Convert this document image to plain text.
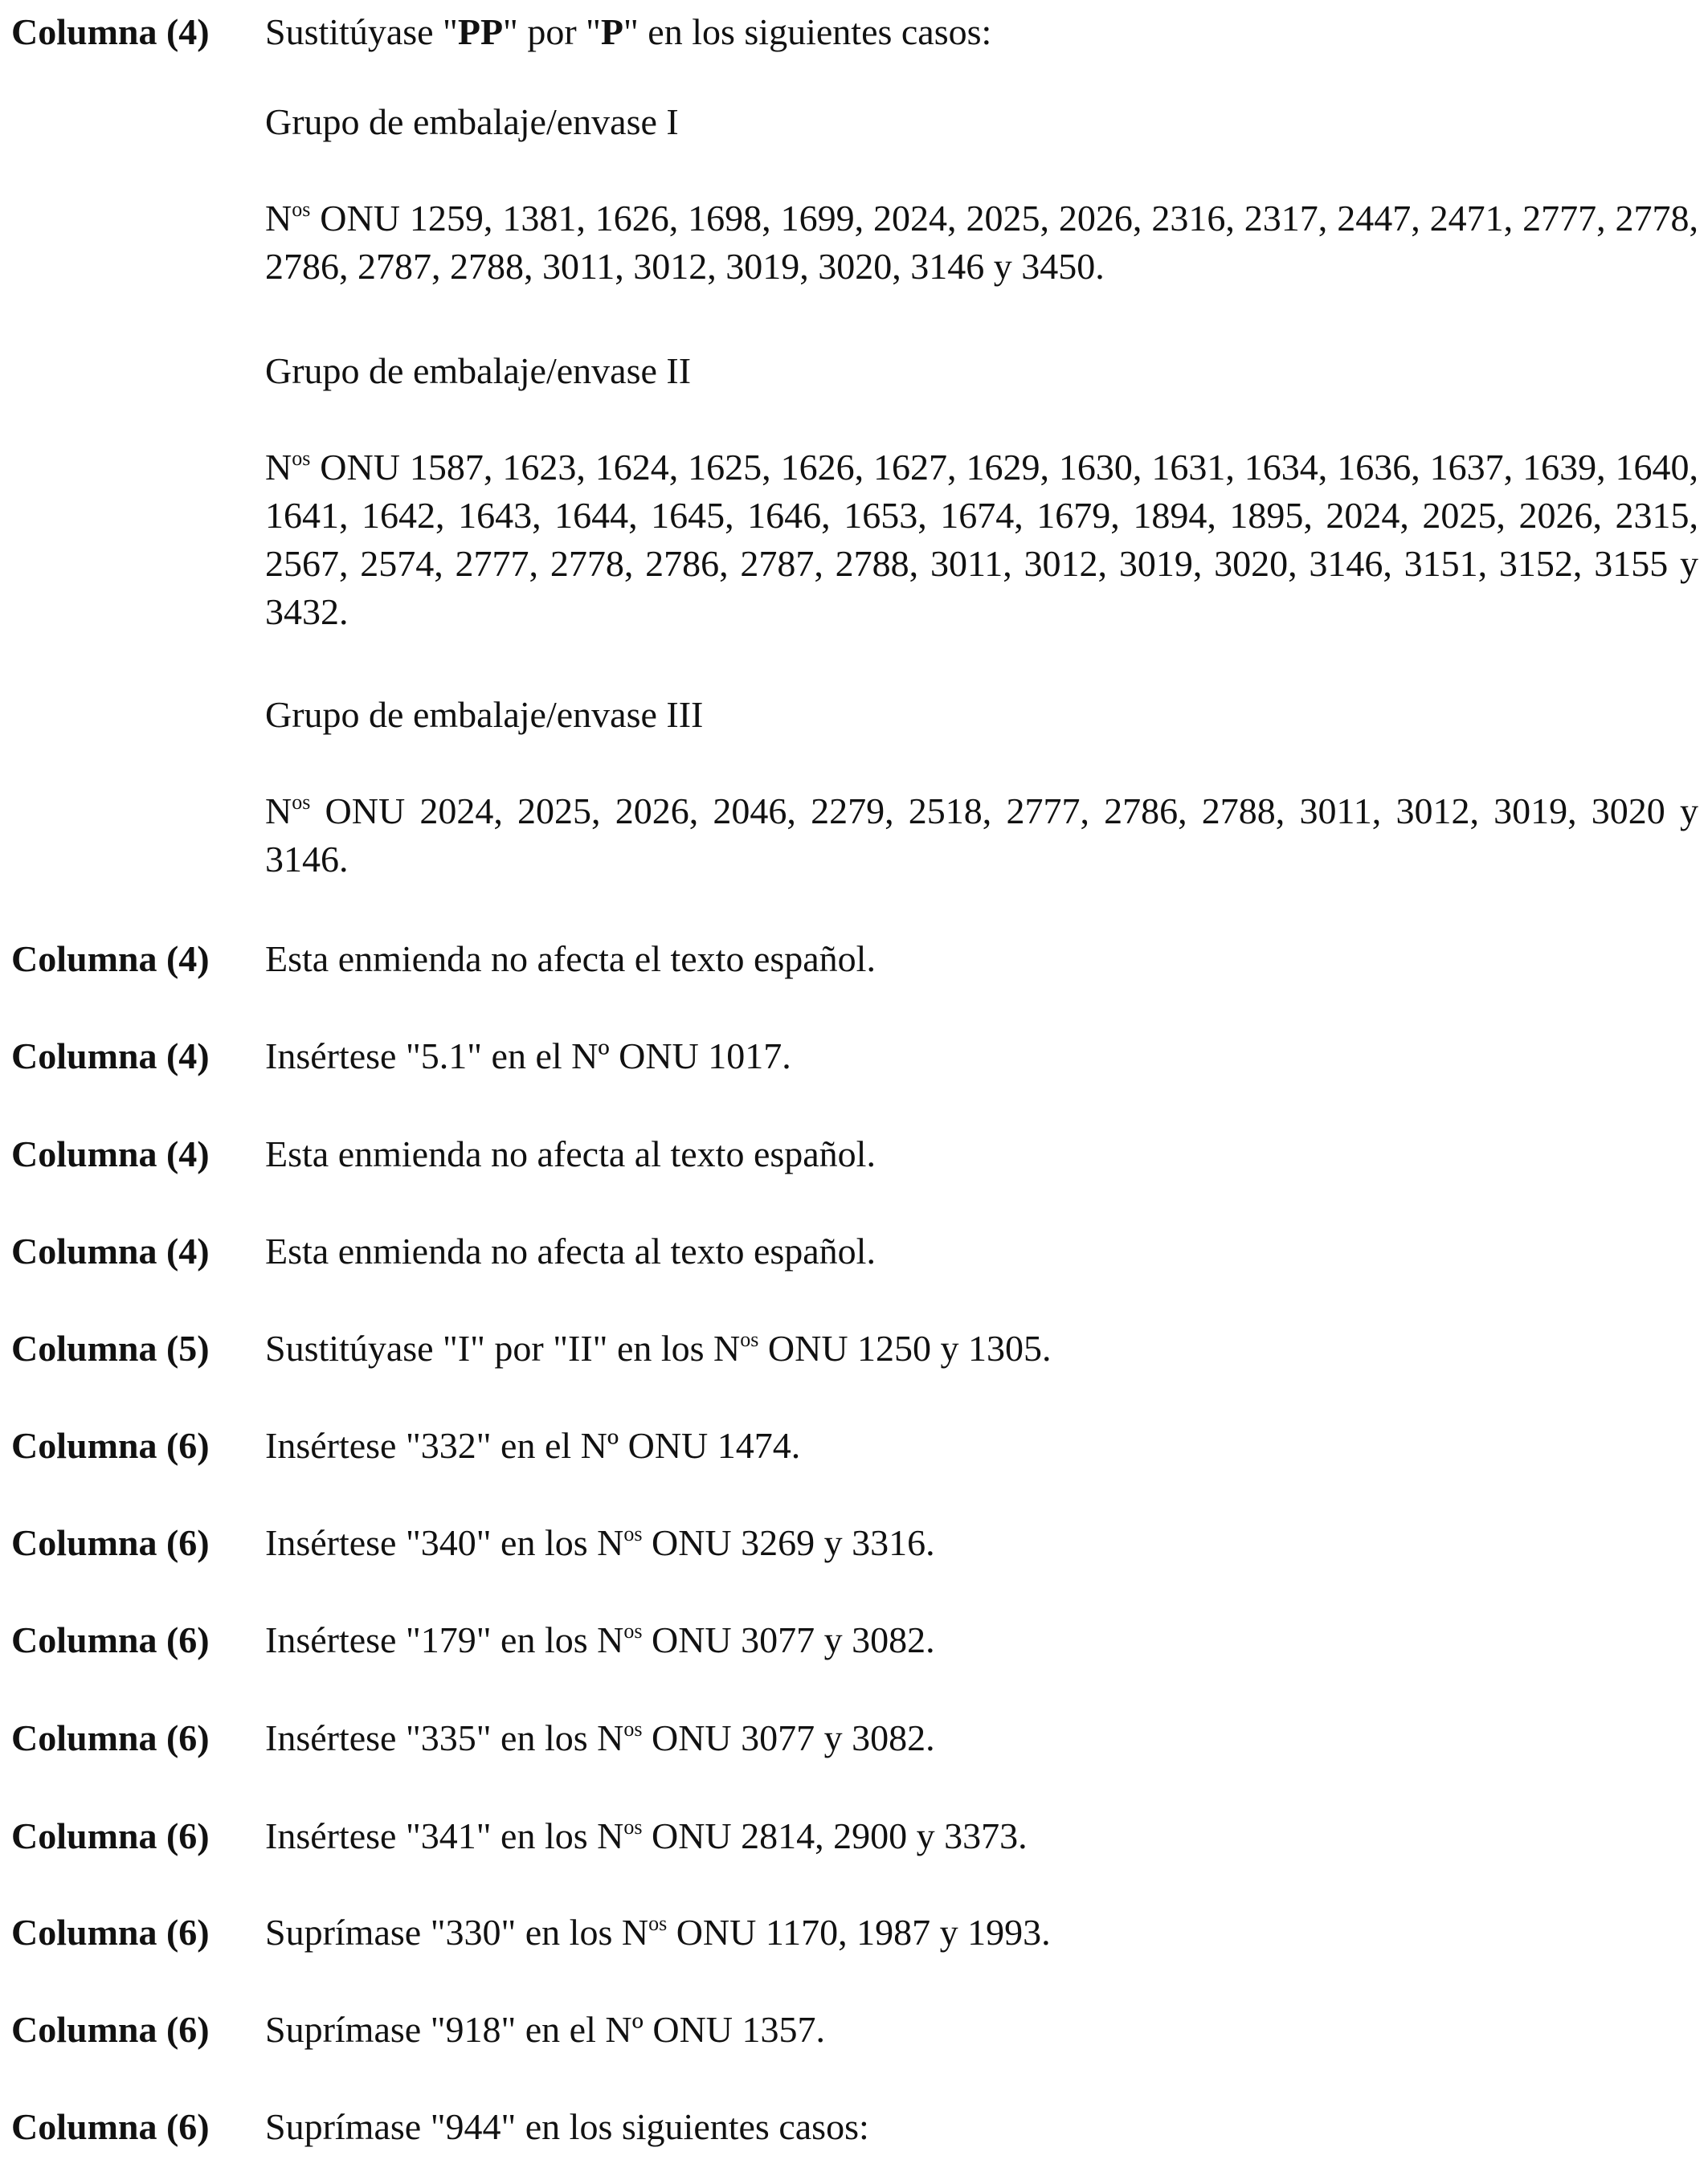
Columna (4) Sustitúyase "PP" por "P" en los siguientes casos:
Grupo de embalaje/envase I
$N^{os}$ ONU 1259, 1381, 1626, 1698, 1699, 2024, 2025, 2026, 2316, 2317, 2447, 2471, 2777, 2778, 2786, 2787, 2788, 3011, 3012, 3019, 3020, 3146 y 3450.
Grupo de embalaje/envase II
$N^{os}$ ONU 1587, 1623, 1624, 1625, 1626, 1627, 1629, 1630, 1631, 1634, 1636, 1637, 1639, 1640, 1641, 1642, 1643, 1644, 1645, 1646, 1653, 1674, 1679, 1894, 1895, 2024, 2025, 2026, 2315, 2567, 2574, 2777, 2778, 2786, 2787, 2788, 3011, 3012, 3019, 3020, 3146, 3151, 3152, 3155 y 3432.
Grupo de embalaje/envase III
$N^{os}$ ONU 2024, 2025, 2026, 2046, 2279, 2518, 2777, 2786, 2788, 3011, 3012, 3019, 3020 y 3146.
Columna (4) Esta enmienda no afecta el texto español.
Columna (4) Insértese "5.1" en el Nº ONU 1017.
Columna (4) Esta enmienda no afecta al texto español.
Columna (4) Esta enmienda no afecta al texto español.
Columna (5) Sustitúyase "I" por "II" en los $N^{os}$ ONU 1250 y 1305.
Columna (6) Insértese "332" en el Nº ONU 1474.
Columna (6) Insértese "340" en los $N^{os}$ ONU 3269 y 3316.
Columna (6) Insértese "179" en los $N^{os}$ ONU 3077 y 3082.
Columna (6) Insértese "335" en los $N^{os}$ ONU 3077 y 3082.
Columna (6) Insértese "341" en los $N^{os}$ ONU 2814, 2900 y 3373.
Columna (6) Suprímase "330" en los $N^{os}$ ONU 1170, 1987 y 1993.
Columna (6) Suprímase "918" en el Nº ONU 1357.
Columna (6) Suprímase "944" en los siguientes casos:
